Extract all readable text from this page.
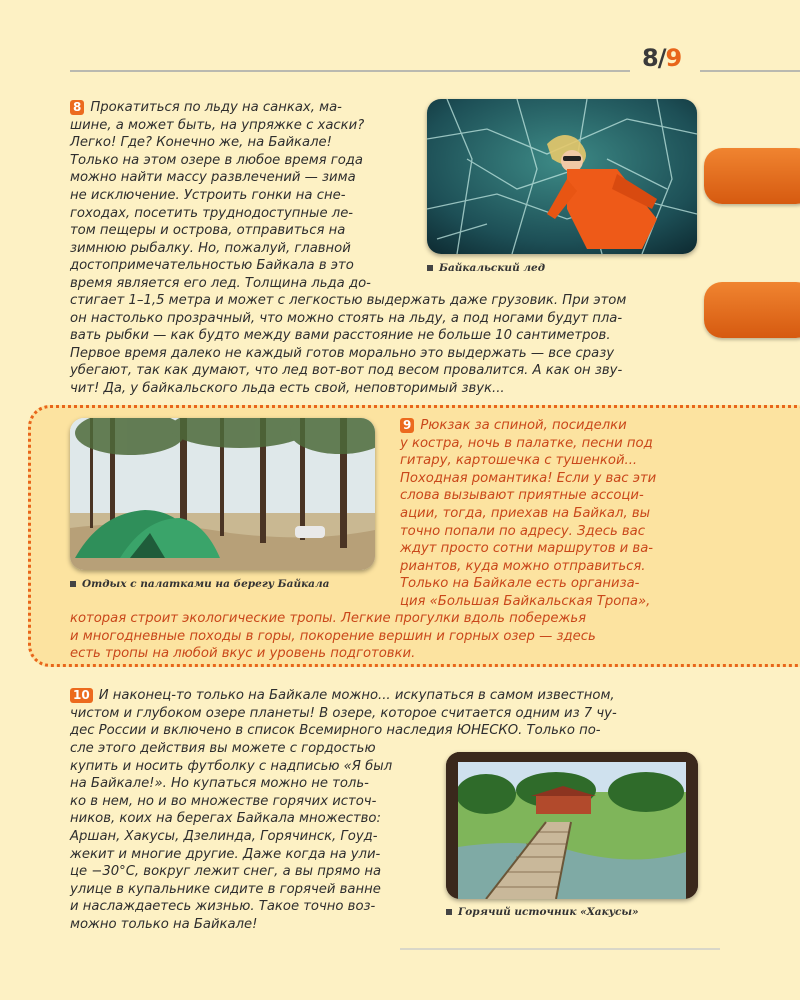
8/9

8 Прокатиться по льду на санках, ма-
шине, а может быть, на упряжке с хаски?
Легко! Где? Конечно же, на Байкале!
Только на этом озере в любое время года
можно найти массу развлечений — зима
не исключение. Устроить гонки на сне-
гоходах, посетить труднодоступные ле-
том пещеры и острова, отправиться на
зимнюю рыбалку. Но, пожалуй, главной
достопримечательностью Байкала в это
время является его лед. Толщина льда до-

стигает 1–1,5 метра и может с легкостью выдержать даже грузовик. При этом
он настолько прозрачный, что можно стоять на льду, а под ногами будут пла-
вать рыбки — как будто между вами расстояние не больше 10 сантиметров.
Первое время далеко не каждый готов морально это выдержать — все сразу
убегают, так как думают, что лед вот-вот под весом провалится. А как он зву-
чит! Да, у байкальского льда есть свой, неповторимый звук...

Байкальский лед

Отдых с палатками на берегу Байкала

9 Рюкзак за спиной, посиделки
у костра, ночь в палатке, песни под
гитару, картошечка с тушенкой...
Походная романтика! Если у вас эти
слова вызывают приятные ассоци-
ации, тогда, приехав на Байкал, вы
точно попали по адресу. Здесь вас
ждут просто сотни маршрутов и ва-
риантов, куда можно отправиться.
Только на Байкале есть организа-
ция «Большая Байкальская Тропа»,

которая строит экологические тропы. Легкие прогулки вдоль побережья
и многодневные походы в горы, покорение вершин и горных озер — здесь
есть тропы на любой вкус и уровень подготовки.

10 И наконец-то только на Байкале можно... искупаться в самом известном,
чистом и глубоком озере планеты! В озере, которое считается одним из 7 чу-
дес России и включено в список Всемирного наследия ЮНЕСКО. Только по-

сле этого действия вы можете с гордостью
купить и носить футболку с надписью «Я был
на Байкале!». Но купаться можно не толь-
ко в нем, но и во множестве горячих источ-
ников, коих на берегах Байкала множество:
Аршан, Хакусы, Дзелинда, Горячинск, Гоуд-
жекит и многие другие. Даже когда на ули-
це −30°С, вокруг лежит снег, а вы прямо на
улице в купальнике сидите в горячей ванне
и наслаждаетесь жизнью. Такое точно воз-
можно только на Байкале!

Горячий источник «Хакусы»
